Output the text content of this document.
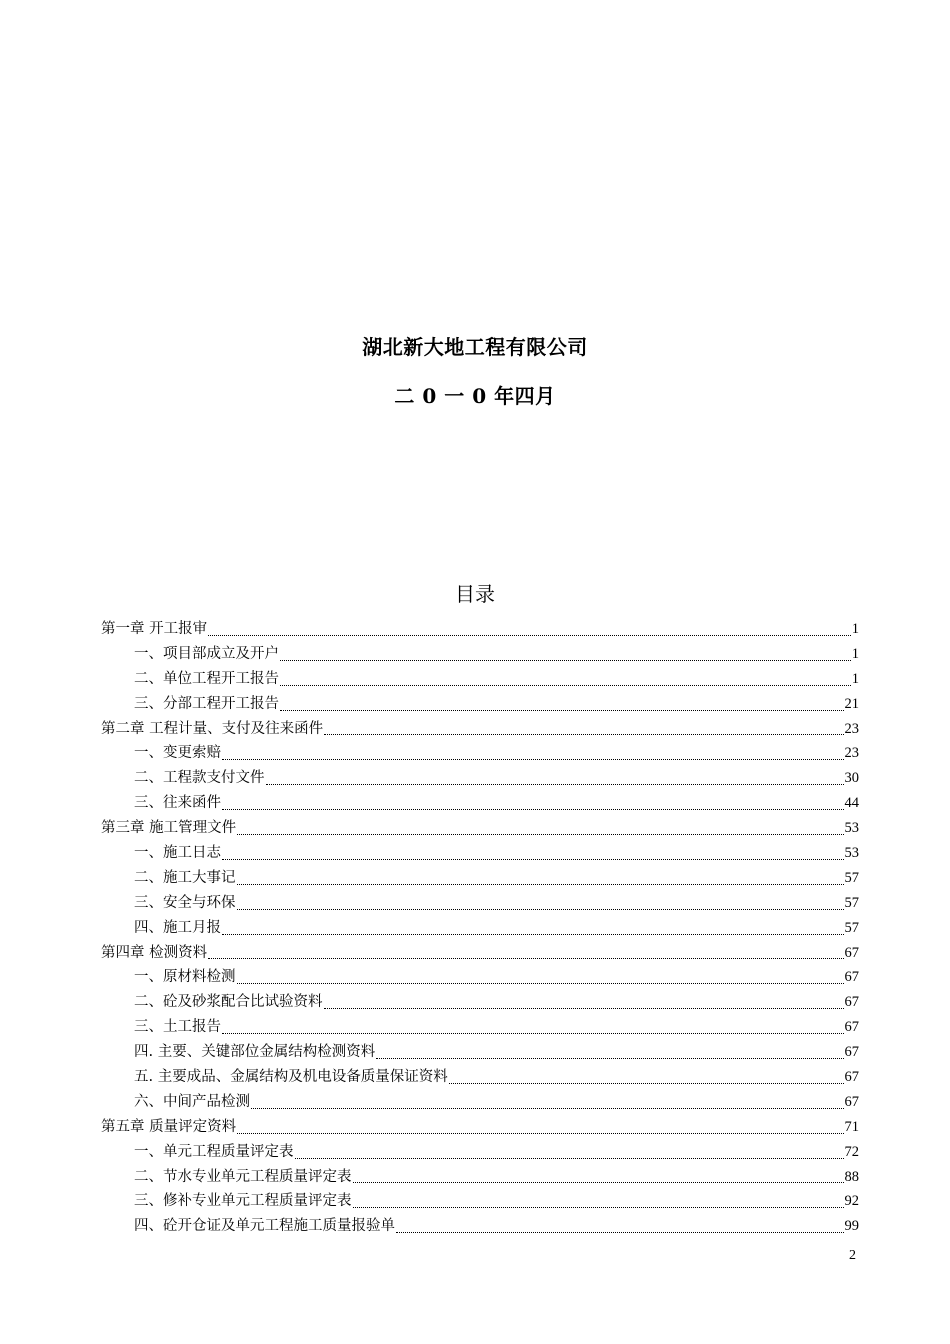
湖北新大地工程有限公司
二 0 一 0 年四月
目录
第一章 开工报审	1
一、项目部成立及开户	1
二、单位工程开工报告	1
三、分部工程开工报告	21
第二章 工程计量、支付及往来函件	23
一、变更索赔	23
二、工程款支付文件	30
三、往来函件	44
第三章 施工管理文件	53
一、施工日志	53
二、施工大事记	57
三、安全与环保	57
四、施工月报	57
第四章 检测资料	67
一、原材料检测	67
二、砼及砂浆配合比试验资料	67
三、土工报告	67
四. 主要、关键部位金属结构检测资料	67
五. 主要成品、金属结构及机电设备质量保证资料	67
六、中间产品检测	67
第五章 质量评定资料	71
一、单元工程质量评定表	72
二、节水专业单元工程质量评定表	88
三、修补专业单元工程质量评定表	92
四、砼开仓证及单元工程施工质量报验单	99
2
